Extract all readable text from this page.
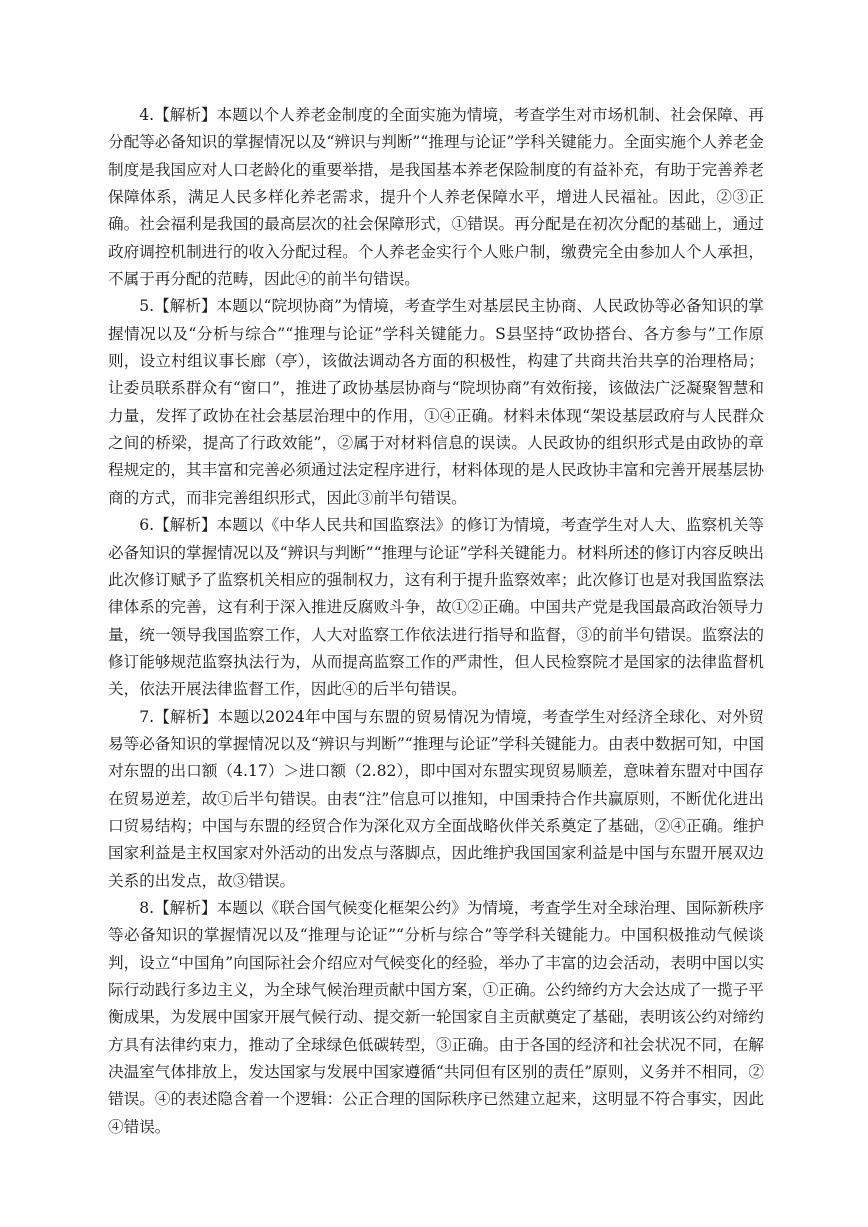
4.【解析】本题以个人养老金制度的全面实施为情境，考查学生对市场机制、社会保障、再分配等必备知识的掌握情况以及“辨识与判断”“推理与论证”学科关键能力。全面实施个人养老金制度是我国应对人口老龄化的重要举措，是我国基本养老保险制度的有益补充，有助于完善养老保障体系，满足人民多样化养老需求，提升个人养老保障水平，增进人民福祉。因此，②③正确。社会福利是我国的最高层次的社会保障形式，①错误。再分配是在初次分配的基础上，通过政府调控机制进行的收入分配过程。个人养老金实行个人账户制，缴费完全由参加人个人承担，不属于再分配的范畴，因此④的前半句错误。

5.【解析】本题以“院坝协商”为情境，考查学生对基层民主协商、人民政协等必备知识的掌握情况以及“分析与综合”“推理与论证”学科关键能力。S县坚持“政协搭台、各方参与”工作原则，设立村组议事长廊（亭），该做法调动各方面的积极性，构建了共商共治共享的治理格局；让委员联系群众有“窗口”，推进了政协基层协商与“院坝协商”有效衔接，该做法广泛凝聚智慧和力量，发挥了政协在社会基层治理中的作用，①④正确。材料未体现“架设基层政府与人民群众之间的桥梁，提高了行政效能”，②属于对材料信息的误读。人民政协的组织形式是由政协的章程规定的，其丰富和完善必须通过法定程序进行，材料体现的是人民政协丰富和完善开展基层协商的方式，而非完善组织形式，因此③前半句错误。

6.【解析】本题以《中华人民共和国监察法》的修订为情境，考查学生对人大、监察机关等必备知识的掌握情况以及“辨识与判断”“推理与论证”学科关键能力。材料所述的修订内容反映出此次修订赋予了监察机关相应的强制权力，这有利于提升监察效率；此次修订也是对我国监察法律体系的完善，这有利于深入推进反腐败斗争，故①②正确。中国共产党是我国最高政治领导力量，统一领导我国监察工作，人大对监察工作依法进行指导和监督，③的前半句错误。监察法的修订能够规范监察执法行为，从而提高监察工作的严肃性，但人民检察院才是国家的法律监督机关，依法开展法律监督工作，因此④的后半句错误。

7.【解析】本题以2024年中国与东盟的贸易情况为情境，考查学生对经济全球化、对外贸易等必备知识的掌握情况以及“辨识与判断”“推理与论证”学科关键能力。由表中数据可知，中国对东盟的出口额（4.17）＞进口额（2.82），即中国对东盟实现贸易顺差，意味着东盟对中国存在贸易逆差，故①后半句错误。由表“注”信息可以推知，中国秉持合作共赢原则，不断优化进出口贸易结构；中国与东盟的经贸合作为深化双方全面战略伙伴关系奠定了基础，②④正确。维护国家利益是主权国家对外活动的出发点与落脚点，因此维护我国国家利益是中国与东盟开展双边关系的出发点，故③错误。

8.【解析】本题以《联合国气候变化框架公约》为情境，考查学生对全球治理、国际新秩序等必备知识的掌握情况以及“推理与论证”“分析与综合”等学科关键能力。中国积极推动气候谈判，设立“中国角”向国际社会介绍应对气候变化的经验，举办了丰富的边会活动，表明中国以实际行动践行多边主义，为全球气候治理贡献中国方案，①正确。公约缔约方大会达成了一揽子平衡成果，为发展中国家开展气候行动、提交新一轮国家自主贡献奠定了基础，表明该公约对缔约方具有法律约束力，推动了全球绿色低碳转型，③正确。由于各国的经济和社会状况不同，在解决温室气体排放上，发达国家与发展中国家遵循“共同但有区别的责任”原则，义务并不相同，②错误。④的表述隐含着一个逻辑：公正合理的国际秩序已然建立起来，这明显不符合事实，因此④错误。
